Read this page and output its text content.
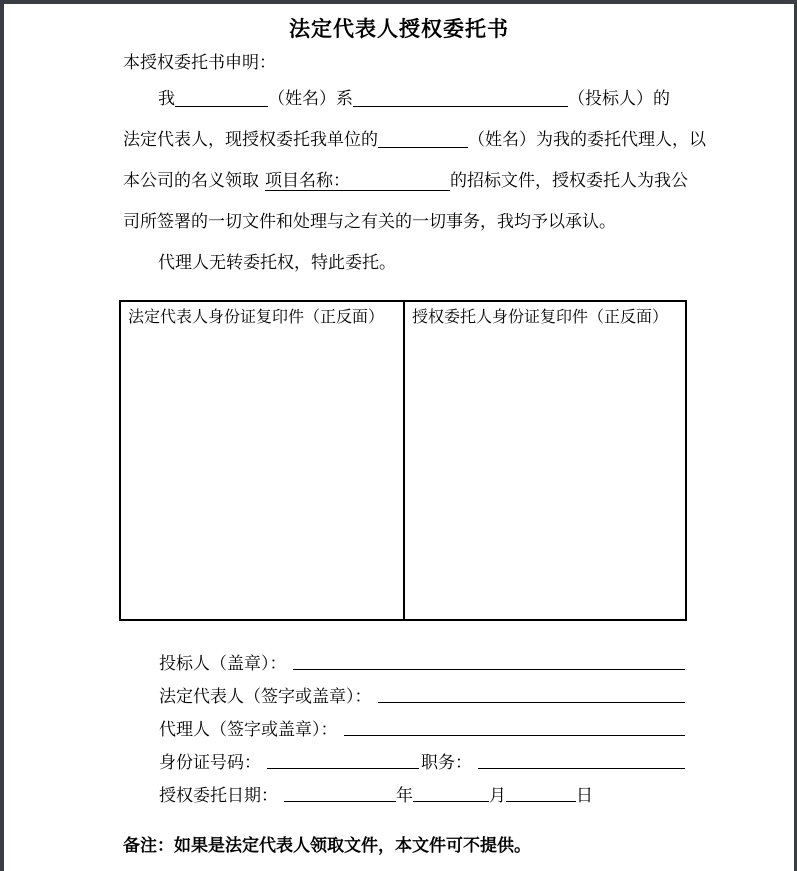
法定代表人授权委托书
本授权委托书申明：
我	（姓名）系	（投标人）的
法定代表人，现授权委托我单位的	（姓名）为我的委托代理人，以
本公司的名义领取 项目名称：	的招标文件，授权委托人为我公
司所签署的一切文件和处理与之有关的一切事务，我均予以承认。
代理人无转委托权，特此委托。
法定代表人身份证复印件（正反面）	授权委托人身份证复印件（正反面）
投标人（盖章）：
法定代表人（签字或盖章）：
代理人（签字或盖章）：
身份证号码：	职务：
授权委托日期：	年	月	日
备注：如果是法定代表人领取文件，本文件可不提供。
